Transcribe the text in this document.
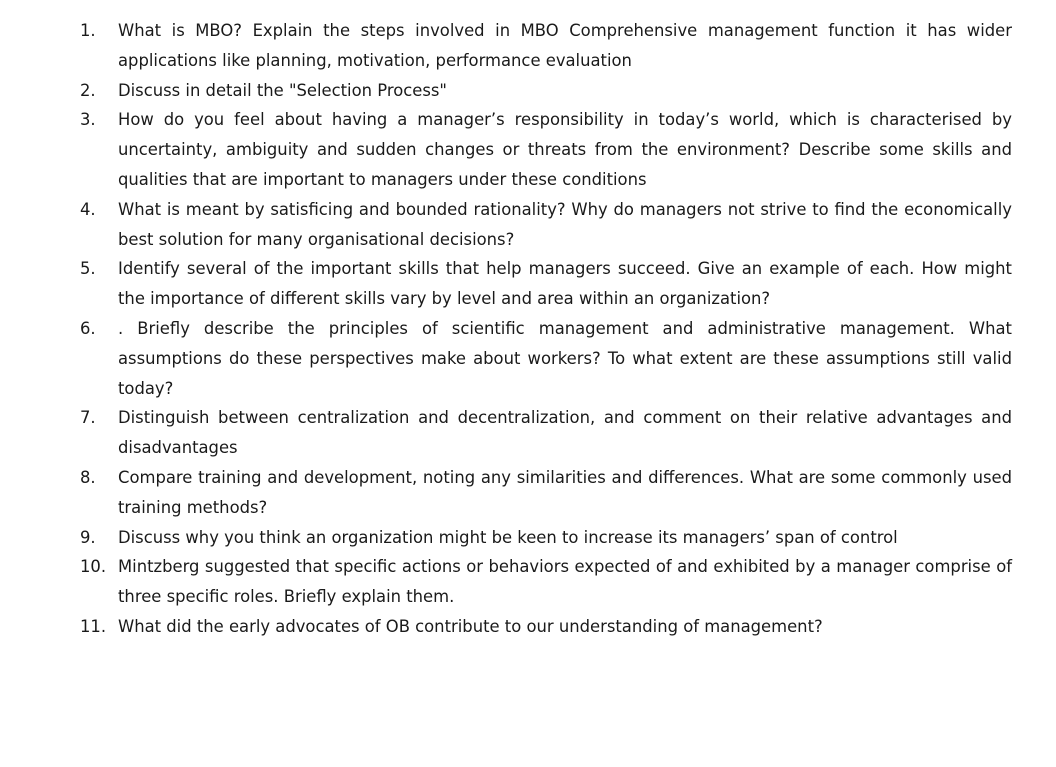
1.	What is MBO? Explain the steps involved in MBO Comprehensive management function it has wider applications like planning, motivation, performance evaluation
2.	Discuss in detail the "Selection Process"
3.	How do you feel about having a manager’s responsibility in today’s world, which is characterised by uncertainty, ambiguity and sudden changes or threats from the environment? Describe some skills and qualities that are important to managers under these conditions
4.	What is meant by satisficing and bounded rationality? Why do managers not strive to find the economically best solution for many organisational decisions?
5.	Identify several of the important skills that help managers succeed. Give an example of each. How might the importance of different skills vary by level and area within an organization?
6.	. Briefly describe the principles of scientific management and administrative management. What assumptions do these perspectives make about workers? To what extent are these assumptions still valid today?
7.	Distinguish between centralization and decentralization, and comment on their relative advantages and disadvantages
8.	Compare training and development, noting any similarities and differences. What are some commonly used training methods?
9.	Discuss why you think an organization might be keen to increase its managers’ span of control
10. Mintzberg suggested that specific actions or behaviors expected of and exhibited by a manager comprise of three specific roles. Briefly explain them.
11. What did the early advocates of OB contribute to our understanding of management?
